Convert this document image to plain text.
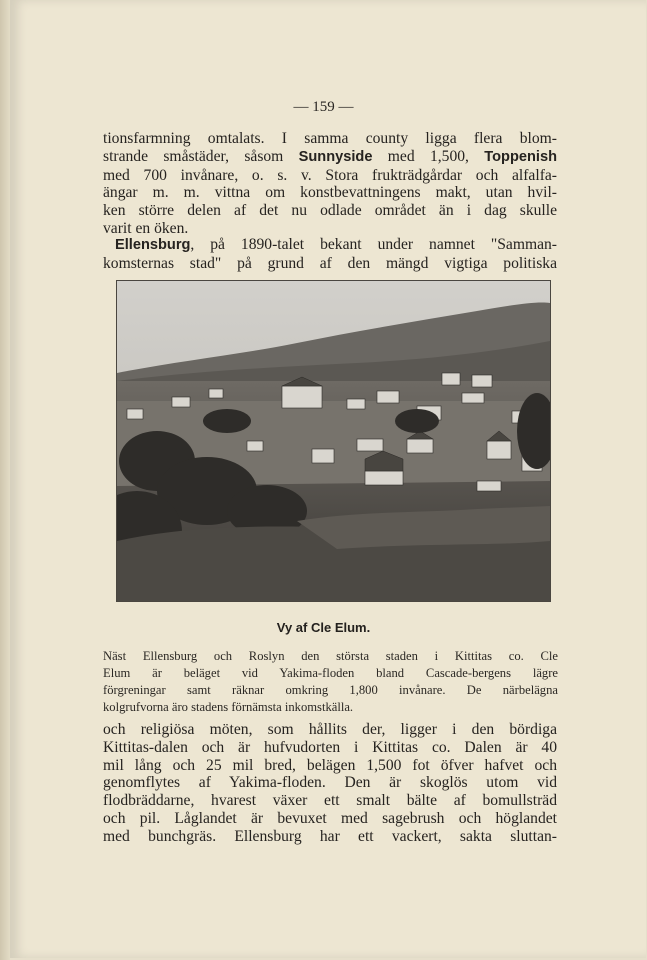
— 159 —

tionsfarmning omtalats. I samma county ligga flera blom-
strande småstäder, såsom Sunnyside med 1,500, Toppenish
med 700 invånare, o. s. v. Stora frukträdgårdar och alfalfa-
ängar m. m. vittna om konstbevattningens makt, utan hvil-
ken större delen af det nu odlade området än i dag skulle
varit en öken.

Ellensburg, på 1890-talet bekant under namnet "Samman-
komsternas stad" på grund af den mängd vigtiga politiska

Vy af Cle Elum.

Näst Ellensburg och Roslyn den största staden i Kittitas co. Cle
Elum är beläget vid Yakima-floden bland Cascade-bergens lägre
förgreningar samt räknar omkring 1,800 invånare. De närbelägna
kolgrufvorna äro stadens förnämsta inkomstkälla.

och religiösa möten, som hållits der, ligger i den bördiga
Kittitas-dalen och är hufvudorten i Kittitas co. Dalen är 40
mil lång och 25 mil bred, belägen 1,500 fot öfver hafvet och
genomflytes af Yakima-floden. Den är skoglös utom vid
flodbräddarne, hvarest växer ett smalt bälte af bomullsträd
och pil. Låglandet är bevuxet med sagebrush och höglandet
med bunchgräs. Ellensburg har ett vackert, sakta sluttan-
